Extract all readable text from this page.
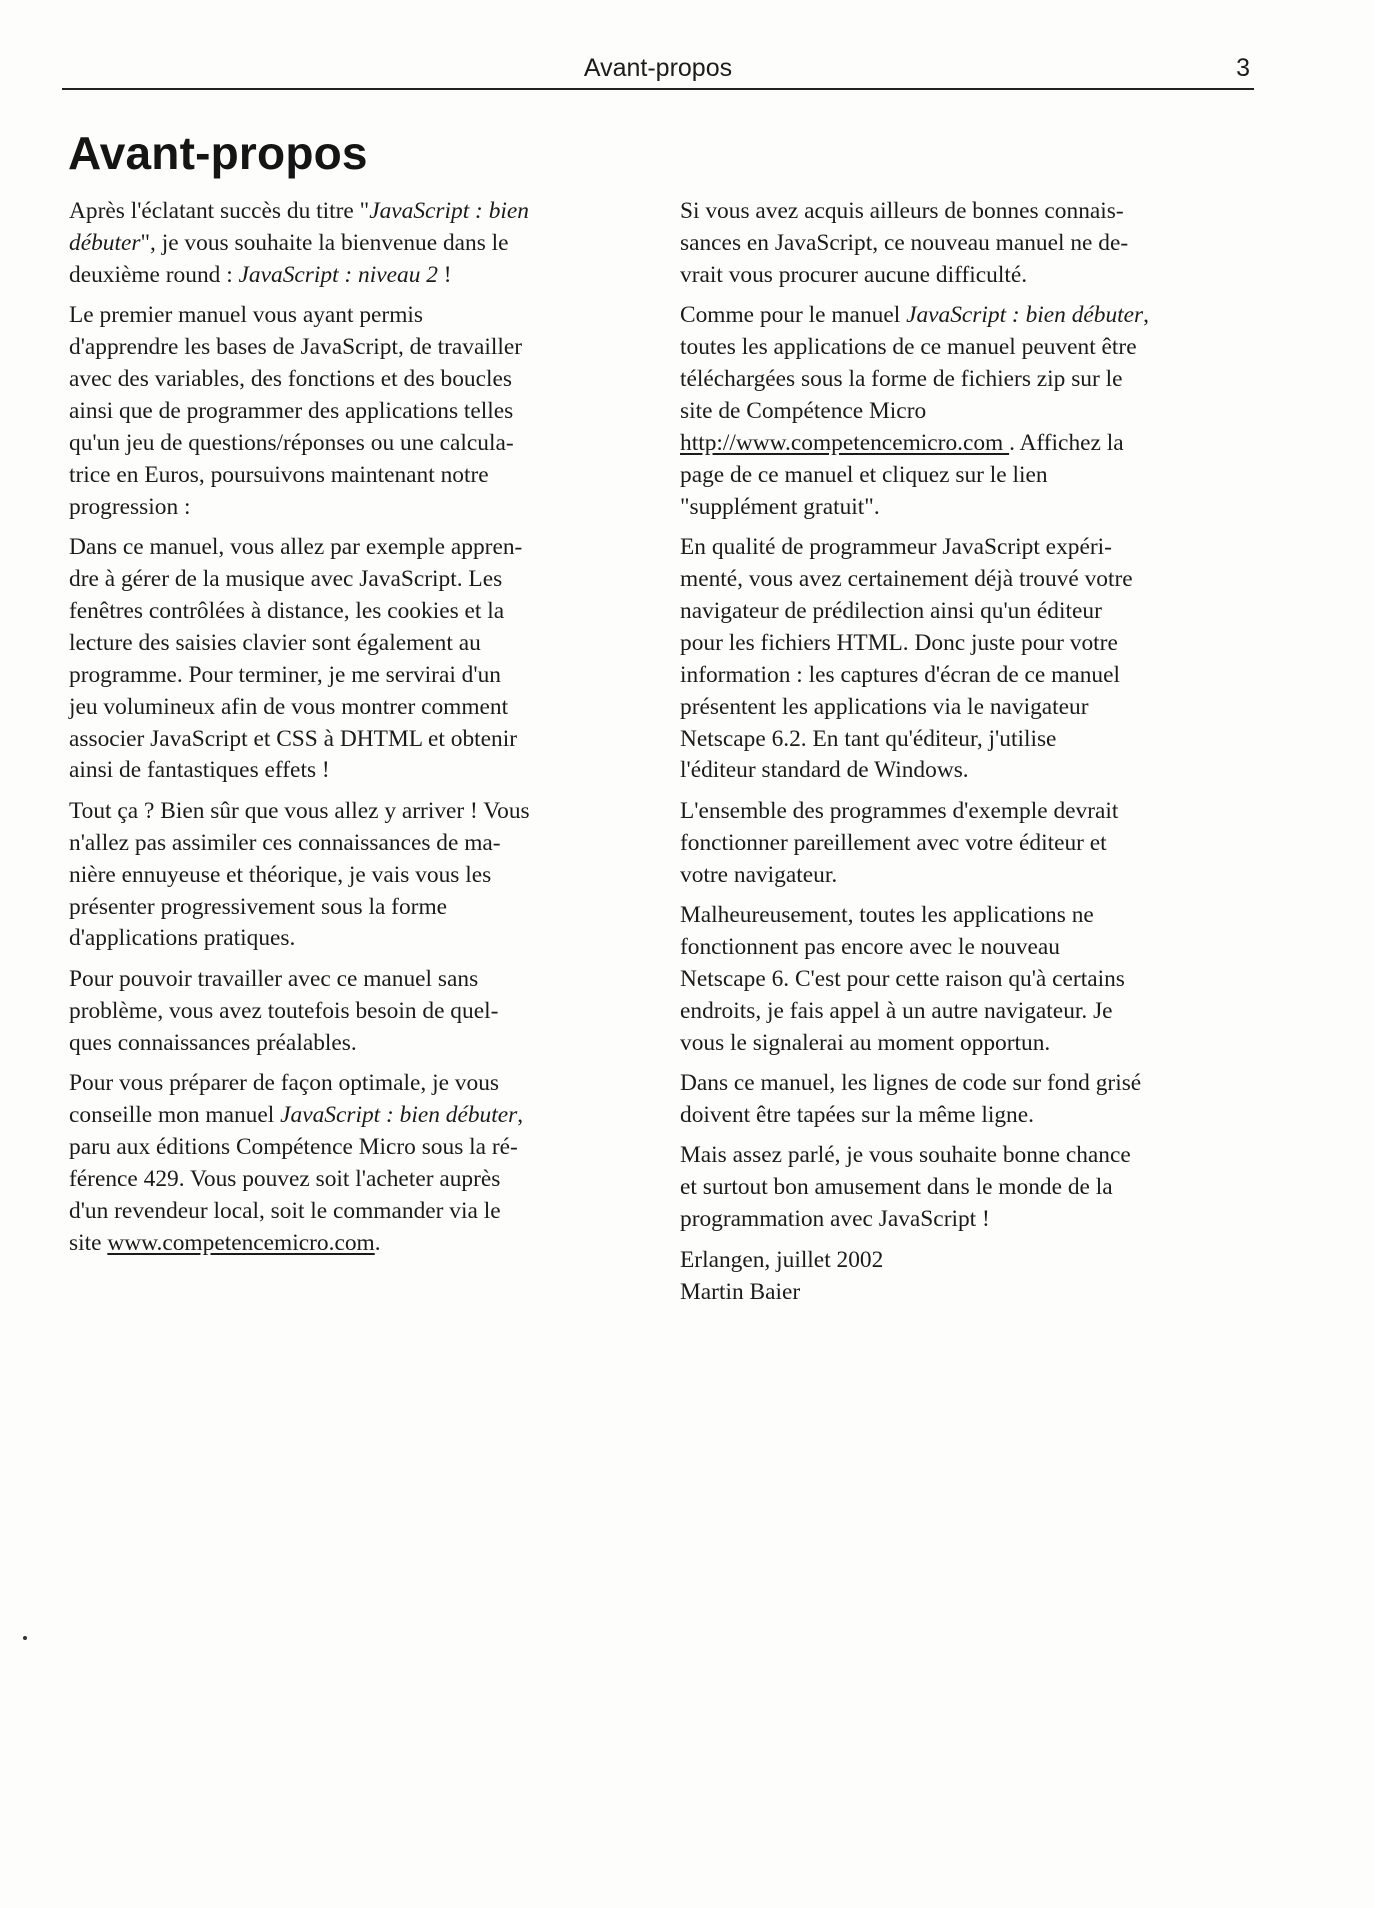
Avant-propos	3
Avant-propos

Après l'éclatant succès du titre "JavaScript : bien
débuter", je vous souhaite la bienvenue dans le
deuxième round : JavaScript : niveau 2 !

Le premier manuel vous ayant permis
d'apprendre les bases de JavaScript, de travailler
avec des variables, des fonctions et des boucles
ainsi que de programmer des applications telles
qu'un jeu de questions/réponses ou une calcula-
trice en Euros, poursuivons maintenant notre
progression :

Dans ce manuel, vous allez par exemple appren-
dre à gérer de la musique avec JavaScript. Les
fenêtres contrôlées à distance, les cookies et la
lecture des saisies clavier sont également au
programme. Pour terminer, je me servirai d'un
jeu volumineux afin de vous montrer comment
associer JavaScript et CSS à DHTML et obtenir
ainsi de fantastiques effets !

Tout ça ? Bien sûr que vous allez y arriver ! Vous
n'allez pas assimiler ces connaissances de ma-
nière ennuyeuse et théorique, je vais vous les
présenter progressivement sous la forme
d'applications pratiques.

Pour pouvoir travailler avec ce manuel sans
problème, vous avez toutefois besoin de quel-
ques connaissances préalables.

Pour vous préparer de façon optimale, je vous
conseille mon manuel JavaScript : bien débuter,
paru aux éditions Compétence Micro sous la ré-
férence 429. Vous pouvez soit l'acheter auprès
d'un revendeur local, soit le commander via le
site www.competencemicro.com.

Si vous avez acquis ailleurs de bonnes connais-
sances en JavaScript, ce nouveau manuel ne de-
vrait vous procurer aucune difficulté.

Comme pour le manuel JavaScript : bien débuter,
toutes les applications de ce manuel peuvent être
téléchargées sous la forme de fichiers zip sur le
site de Compétence Micro
http://www.competencemicro.com . Affichez la
page de ce manuel et cliquez sur le lien
"supplément gratuit".

En qualité de programmeur JavaScript expéri-
menté, vous avez certainement déjà trouvé votre
navigateur de prédilection ainsi qu'un éditeur
pour les fichiers HTML. Donc juste pour votre
information : les captures d'écran de ce manuel
présentent les applications via le navigateur
Netscape 6.2. En tant qu'éditeur, j'utilise
l'éditeur standard de Windows.

L'ensemble des programmes d'exemple devrait
fonctionner pareillement avec votre éditeur et
votre navigateur.

Malheureusement, toutes les applications ne
fonctionnent pas encore avec le nouveau
Netscape 6. C'est pour cette raison qu'à certains
endroits, je fais appel à un autre navigateur. Je
vous le signalerai au moment opportun.

Dans ce manuel, les lignes de code sur fond grisé
doivent être tapées sur la même ligne.

Mais assez parlé, je vous souhaite bonne chance
et surtout bon amusement dans le monde de la
programmation avec JavaScript !

Erlangen, juillet 2002
Martin Baier
